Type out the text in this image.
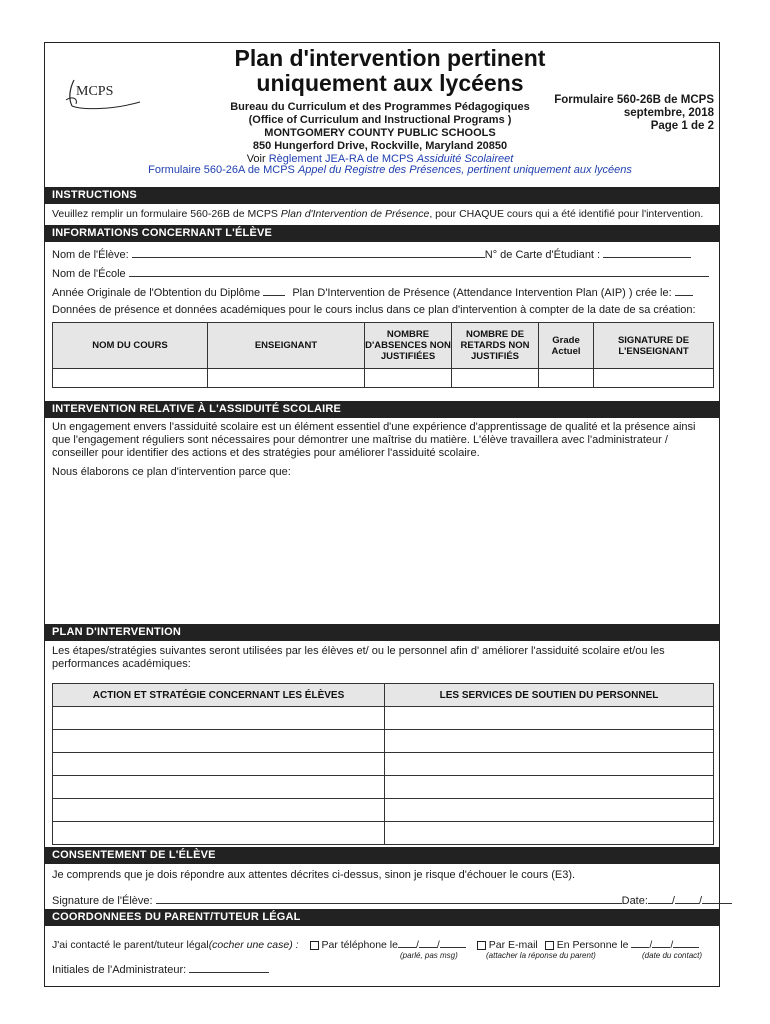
MCPS
Plan d'intervention pertinent
uniquement aux lycéens
Bureau du Curriculum et des Programmes Pédagogiques
(Office of Curriculum and Instructional Programs )
MONTGOMERY COUNTY PUBLIC SCHOOLS
850 Hungerford Drive, Rockville, Maryland 20850
Voir Règlement JEA-RA de MCPS Assiduité Scolaireet
Formulaire 560-26A de MCPS Appel du Registre des Présences, pertinent uniquement aux lycéens
Formulaire 560-26B de MCPS
septembre, 2018
Page 1 de 2
INSTRUCTIONS
Veuillez remplir un formulaire 560-26B de MCPS Plan d'Intervention de Présence, pour CHAQUE cours qui a été identifié pour l'intervention.
INFORMATIONS CONCERNANT L'ÉLÈVE
Nom de l'Élève:	N° de Carte d'Étudiant :
Nom de l'École
Année Originale de l'Obtention du Diplôme	Plan D'Intervention de Présence (Attendance Intervention Plan (AIP) ) crée le:
Données de présence et données académiques pour le cours inclus dans ce plan d'intervention à compter de la date de sa création:
NOM DU COURS	ENSEIGNANT	NOMBRE D'ABSENCES NON JUSTIFIÉES	NOMBRE DE RETARDS NON JUSTIFIÉS	Grade Actuel	SIGNATURE DE L'ENSEIGNANT

INTERVENTION RELATIVE À L'ASSIDUITÉ SCOLAIRE
Un engagement envers l'assiduité scolaire est un élément essentiel d'une expérience d'apprentissage de qualité et la présence ainsi que l'engagement réguliers sont nécessaires pour démontrer une maîtrise du matière. L'élève travaillera avec l'administrateur / conseiller pour identifier des actions et des stratégies pour améliorer l'assiduité scolaire.
Nous élaborons ce plan d'intervention parce que:
PLAN D'INTERVENTION
Les étapes/stratégies suivantes seront utilisées par les élèves et/ ou le personnel afin d' améliorer l'assiduité scolaire et/ou les performances académiques:
ACTION ET STRATÉGIE CONCERNANT LES ÉLÈVES	LES SERVICES DE SOUTIEN DU PERSONNEL

CONSENTEMENT DE L'ÉLÈVE
Je comprends que je dois répondre aux attentes décrites ci-dessus, sinon je risque d'échouer le cours (E3).
Signature de l'Élève:	Date: / /
COORDONNEES DU PARENT/TUTEUR LÉGAL
J'ai contacté le parent/tuteur légal(cocher une case) : Par téléphone le / /	Par E-mail En Personne le / /
(parlé, pas msg)	(attacher la réponse du parent)	(date du contact)
Initiales de l'Administrateur:
